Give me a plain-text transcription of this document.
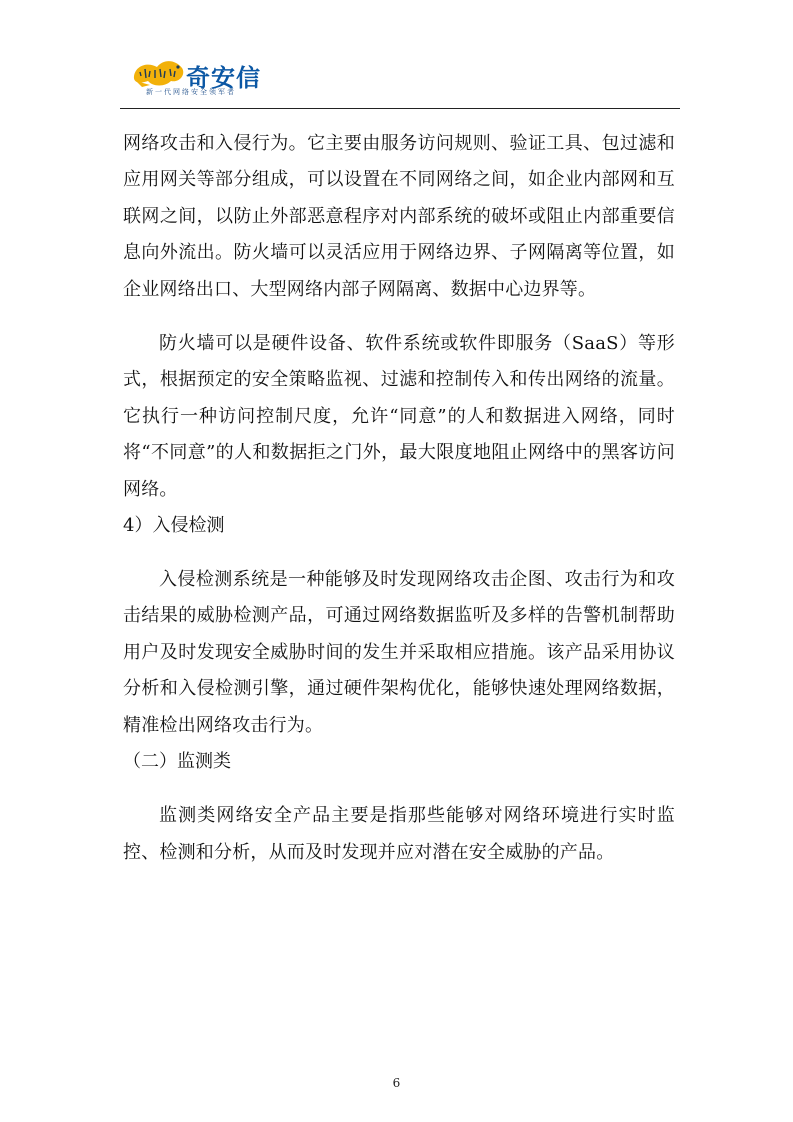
奇安信
新一代网络安全领军者

网络攻击和入侵行为。它主要由服务访问规则、验证工具、包过滤和应用网关等部分组成，可以设置在不同网络之间，如企业内部网和互联网之间，以防止外部恶意程序对内部系统的破坏或阻止内部重要信息向外流出。防火墙可以灵活应用于网络边界、子网隔离等位置，如企业网络出口、大型网络内部子网隔离、数据中心边界等。

防火墙可以是硬件设备、软件系统或软件即服务（SaaS）等形式，根据预定的安全策略监视、过滤和控制传入和传出网络的流量。它执行一种访问控制尺度，允许“同意”的人和数据进入网络，同时将“不同意”的人和数据拒之门外，最大限度地阻止网络中的黑客访问网络。

4）入侵检测

入侵检测系统是一种能够及时发现网络攻击企图、攻击行为和攻击结果的威胁检测产品，可通过网络数据监听及多样的告警机制帮助用户及时发现安全威胁时间的发生并采取相应措施。该产品采用协议分析和入侵检测引擎，通过硬件架构优化，能够快速处理网络数据，精准检出网络攻击行为。

（二）监测类

监测类网络安全产品主要是指那些能够对网络环境进行实时监控、检测和分析，从而及时发现并应对潜在安全威胁的产品。

6
